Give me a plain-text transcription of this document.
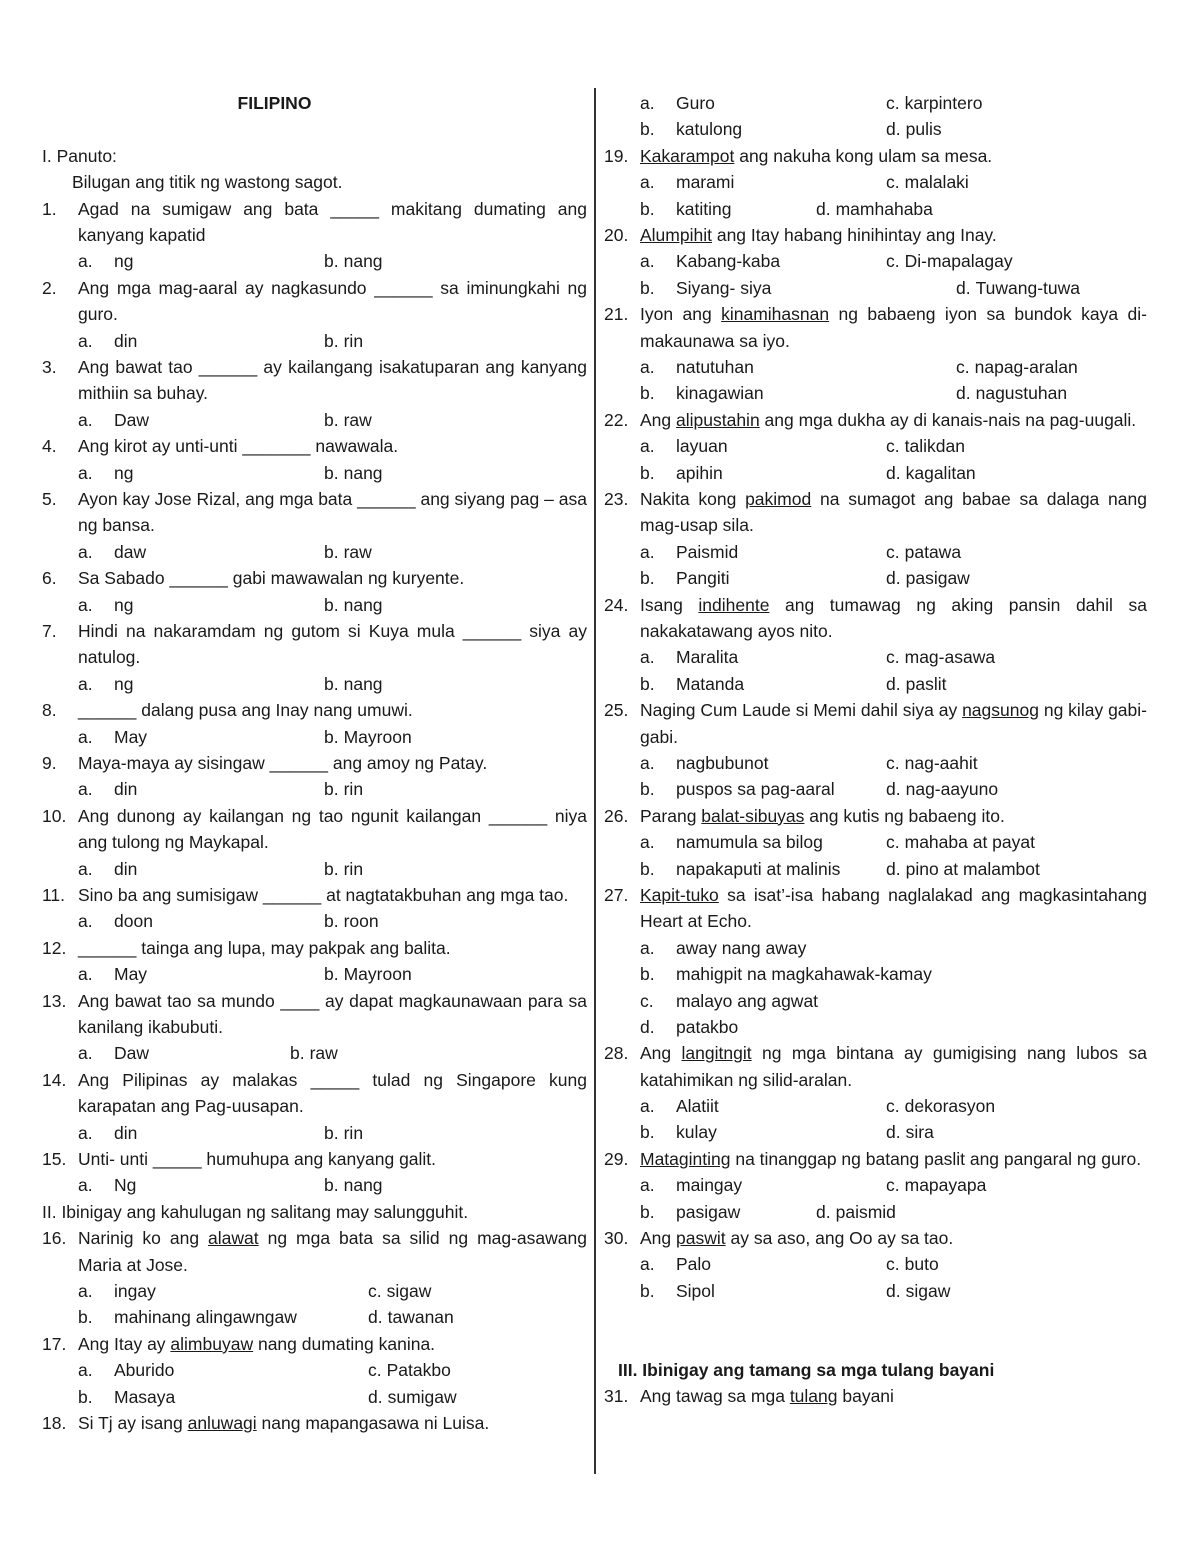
FILIPINO
I. Panuto:
Bilugan ang titik ng wastong sagot.
1.	Agad na sumigaw ang bata _____ makitang dumating ang kanyang kapatid
a.	ng	b. nang
2.	Ang mga mag-aaral ay nagkasundo ______ sa iminungkahi ng guro.
a.	din	b. rin
3.	Ang bawat tao ______ ay kailangang isakatuparan ang kanyang mithiin sa buhay.
a.	Daw	b. raw
4.	Ang kirot ay unti-unti _______ nawawala.
a.	ng	b. nang
5.	Ayon kay Jose Rizal, ang mga bata ______ ang siyang pag – asa ng bansa.
a.	daw	b. raw
6.	Sa Sabado ______ gabi mawawalan ng kuryente.
a.	ng	b. nang
7.	Hindi na nakaramdam ng gutom si Kuya mula ______ siya ay natulog.
a.	ng	b. nang
8.	______ dalang pusa ang Inay nang umuwi.
a.	May	b. Mayroon
9.	Maya-maya ay sisingaw ______ ang amoy ng Patay.
a.	din	b. rin
10. Ang dunong ay kailangan ng tao ngunit kailangan ______ niya ang tulong ng Maykapal.
a.	din	b. rin
11. Sino ba ang sumisigaw ______ at nagtatakbuhan ang mga tao.
a.	doon	b. roon
12. ______ tainga ang lupa, may pakpak ang balita.
a.	May	b. Mayroon
13. Ang bawat tao sa mundo ____ ay dapat magkaunawaan para sa kanilang ikabubuti.
a.	Daw	b. raw
14. Ang Pilipinas ay malakas _____ tulad ng Singapore kung karapatan ang Pag-uusapan.
a.	din	b. rin
15. Unti- unti _____ humuhupa ang kanyang galit.
a.	Ng	b. nang
II. Ibinigay ang kahulugan ng salitang may salungguhit.
16. Narinig ko ang alawat ng mga bata sa silid ng mag-asawang Maria at Jose.
a.	ingay	c. sigaw
b.	mahinang alingawngaw	d. tawanan
17. Ang Itay ay alimbuyaw nang dumating kanina.
a.	Aburido	c. Patakbo
b.	Masaya	d. sumigaw
18. Si Tj ay isang anluwagi nang mapangasawa ni Luisa.
a.	Guro	c. karpintero
b.	katulong	d. pulis
19. Kakarampot ang nakuha kong ulam sa mesa.
a.	marami	c. malalaki
b.	katiting	d. mamhahaba
20. Alumpihit ang Itay habang hinihintay ang Inay.
a.	Kabang-kaba	c. Di-mapalagay
b.	Siyang- siya	d. Tuwang-tuwa
21. Iyon ang kinamihasnan ng babaeng iyon sa bundok kaya di-makaunawa sa iyo.
a.	natutuhan	c. napag-aralan
b.	kinagawian	d. nagustuhan
22. Ang alipustahin ang mga dukha ay di kanais-nais na pag-uugali.
a.	layuan	c. talikdan
b.	apihin	d. kagalitan
23. Nakita kong pakimod na sumagot ang babae sa dalaga nang mag-usap sila.
a.	Paismid	c. patawa
b.	Pangiti	d. pasigaw
24. Isang indihente ang tumawag ng aking pansin dahil sa nakakatawang ayos nito.
a.	Maralita	c. mag-asawa
b.	Matanda	d. paslit
25. Naging Cum Laude si Memi dahil siya ay nagsunog ng kilay gabi-gabi.
a.	nagbubunot	c. nag-aahit
b.	puspos sa pag-aaral	d. nag-aayuno
26. Parang balat-sibuyas ang kutis ng babaeng ito.
a.	namumula sa bilog	c. mahaba at payat
b.	napakaputi at malinis	d. pino at malambot
27. Kapit-tuko sa isat’-isa habang naglalakad ang magkasintahang Heart at Echo.
a.	away nang away
b.	mahigpit na magkahawak-kamay
c.	malayo ang agwat
d.	patakbo
28. Ang langitngit ng mga bintana ay gumigising nang lubos sa katahimikan ng silid-aralan.
a.	Alatiit	c. dekorasyon
b.	kulay	d. sira
29. Mataginting na tinanggap ng batang paslit ang pangaral ng guro.
a.	maingay	c. mapayapa
b.	pasigaw	d. paismid
30. Ang paswit ay sa aso, ang Oo ay sa tao.
a.	Palo	c. buto
b.	Sipol	d. sigaw
III. Ibinigay ang tamang sa mga tulang bayani
31. Ang tawag sa mga tulang bayani
